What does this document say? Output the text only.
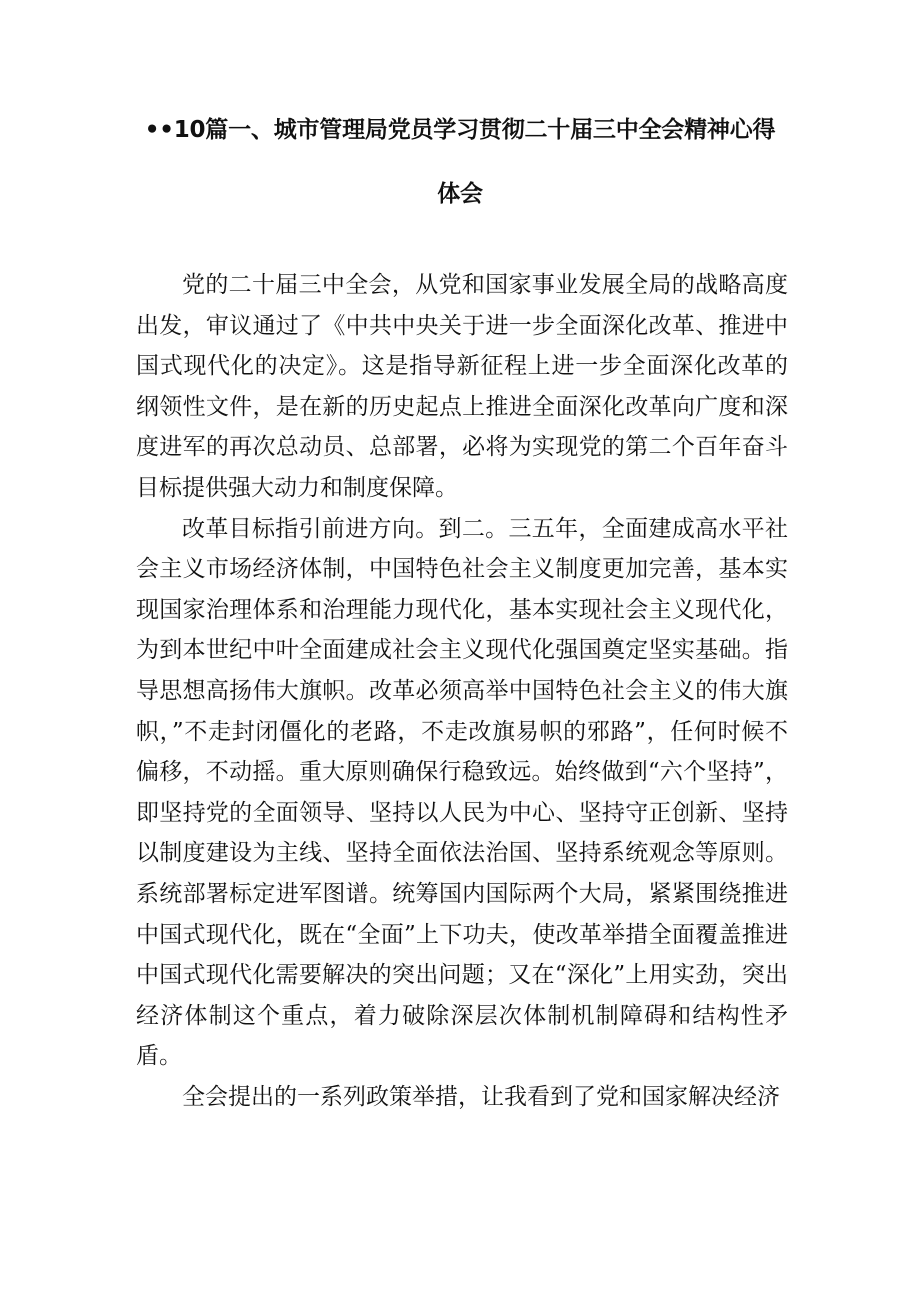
••10篇一、城市管理局党员学习贯彻二十届三中全会精神心得
体会

党的二十届三中全会，从党和国家事业发展全局的战略高度出发，审议通过了《中共中央关于进一步全面深化改革、推进中国式现代化的决定》。这是指导新征程上进一步全面深化改革的纲领性文件，是在新的历史起点上推进全面深化改革向广度和深度进军的再次总动员、总部署，必将为实现党的第二个百年奋斗目标提供强大动力和制度保障。

改革目标指引前进方向。到二。三五年，全面建成高水平社会主义市场经济体制，中国特色社会主义制度更加完善，基本实现国家治理体系和治理能力现代化，基本实现社会主义现代化，为到本世纪中叶全面建成社会主义现代化强国奠定坚实基础。指导思想高扬伟大旗帜。改革必须高举中国特色社会主义的伟大旗帜，”不走封闭僵化的老路，不走改旗易帜的邪路”，任何时候不偏移，不动摇。重大原则确保行稳致远。始终做到“六个坚持”，即坚持党的全面领导、坚持以人民为中心、坚持守正创新、坚持以制度建设为主线、坚持全面依法治国、坚持系统观念等原则。系统部署标定进军图谱。统筹国内国际两个大局，紧紧围绕推进中国式现代化，既在“全面”上下功夫，使改革举措全面覆盖推进中国式现代化需要解决的突出问题；又在“深化”上用实劲，突出经济体制这个重点，着力破除深层次体制机制障碍和结构性矛盾。

全会提出的一系列政策举措，让我看到了党和国家解决经济
